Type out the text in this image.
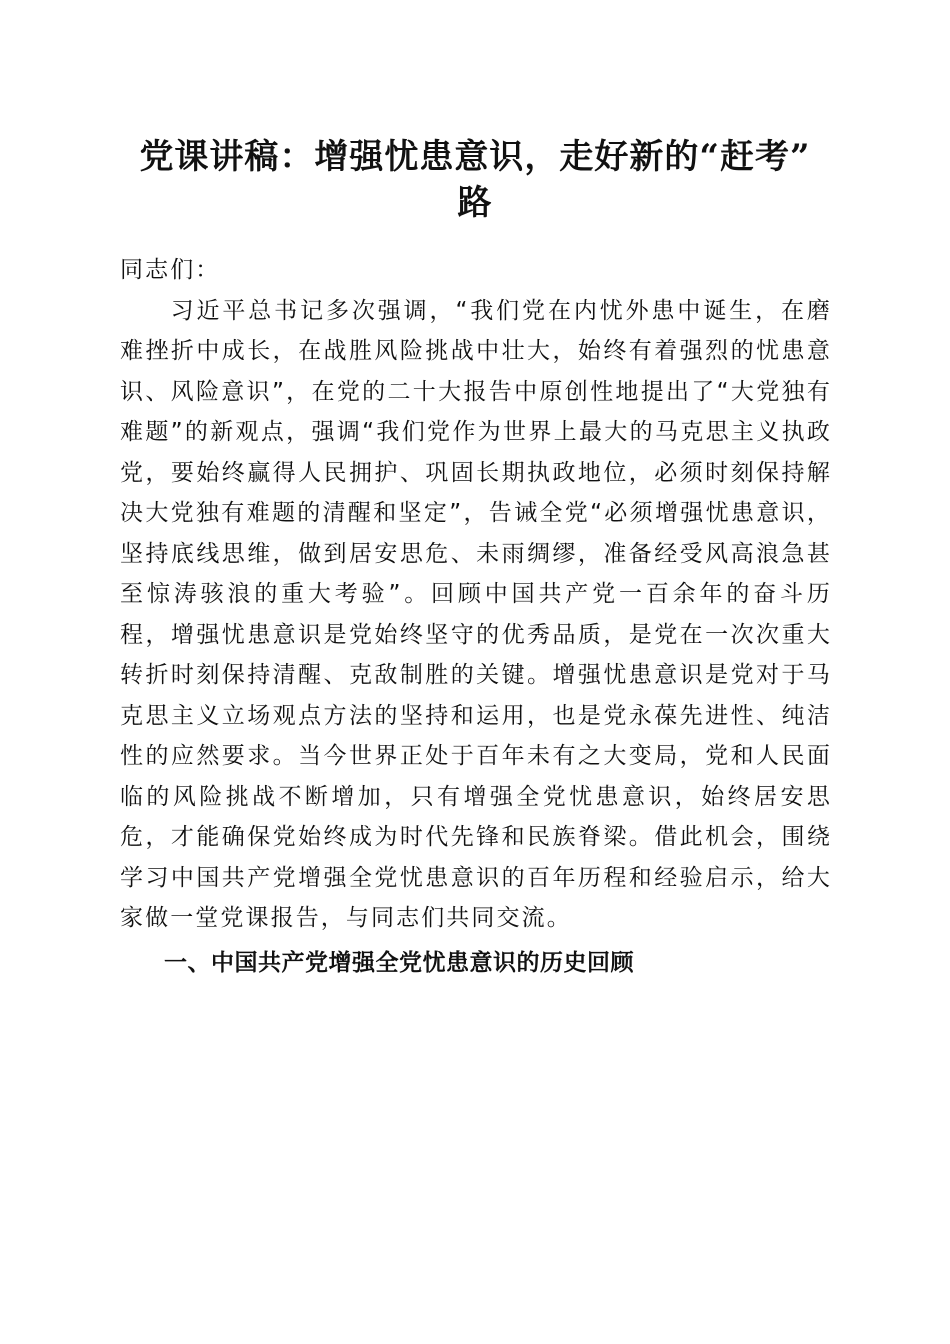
党课讲稿：增强忧患意识，走好新的“赶考”
路

同志们：

习近平总书记多次强调，“我们党在内忧外患中诞生，在磨难挫折中成长，在战胜风险挑战中壮大，始终有着强烈的忧患意识、风险意识”，在党的二十大报告中原创性地提出了“大党独有难题”的新观点，强调“我们党作为世界上最大的马克思主义执政党，要始终赢得人民拥护、巩固长期执政地位，必须时刻保持解决大党独有难题的清醒和坚定”，告诫全党“必须增强忧患意识，坚持底线思维，做到居安思危、未雨绸缪，准备经受风高浪急甚至惊涛骇浪的重大考验”。回顾中国共产党一百余年的奋斗历程，增强忧患意识是党始终坚守的优秀品质，是党在一次次重大转折时刻保持清醒、克敌制胜的关键。增强忧患意识是党对于马克思主义立场观点方法的坚持和运用，也是党永葆先进性、纯洁性的应然要求。当今世界正处于百年未有之大变局，党和人民面临的风险挑战不断增加，只有增强全党忧患意识，始终居安思危，才能确保党始终成为时代先锋和民族脊梁。借此机会，围绕学习中国共产党增强全党忧患意识的百年历程和经验启示，给大家做一堂党课报告，与同志们共同交流。

一、中国共产党增强全党忧患意识的历史回顾
